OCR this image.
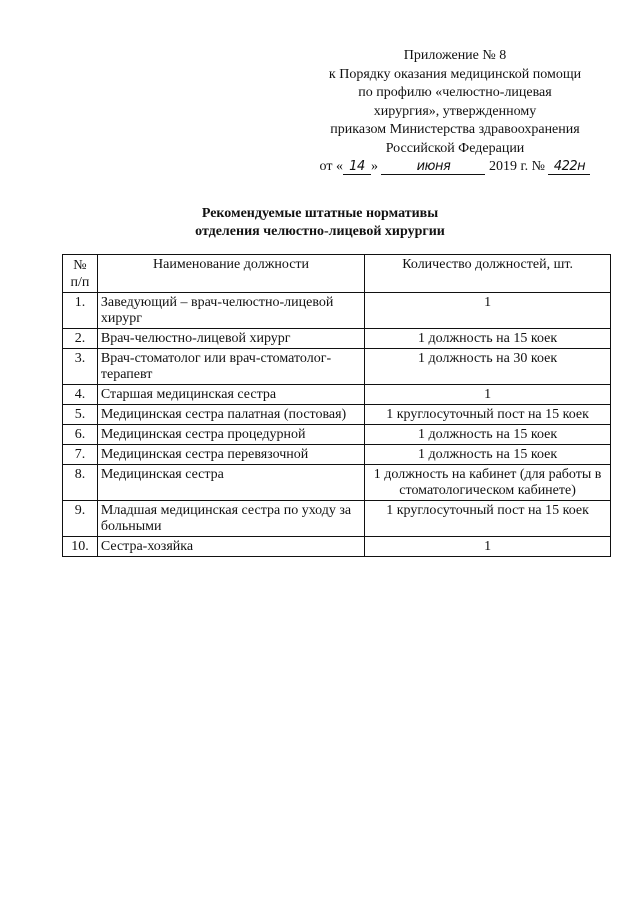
Приложение № 8
к Порядку оказания медицинской помощи
по профилю «челюстно-лицевая
хирургия», утвержденному
приказом Министерства здравоохранения
Российской Федерации
от « 14 »	июня	2019 г. № 422н
Рекомендуемые штатные нормативы
отделения челюстно-лицевой хирургии
№ п/п	Наименование должности	Количество должностей, шт.
1.	Заведующий – врач-челюстно-лицевой хирург	1
2.	Врач-челюстно-лицевой хирург	1 должность на 15 коек
3.	Врач-стоматолог или врач-стоматолог-терапевт	1 должность на 30 коек
4.	Старшая медицинская сестра	1
5.	Медицинская сестра палатная (постовая)	1 круглосуточный пост на 15 коек
6.	Медицинская сестра процедурной	1 должность на 15 коек
7.	Медицинская сестра перевязочной	1 должность на 15 коек
8.	Медицинская сестра	1 должность на кабинет (для работы в стоматологическом кабинете)
9.	Младшая медицинская сестра по уходу за больными	1 круглосуточный пост на 15 коек
10.	Сестра-хозяйка	1
